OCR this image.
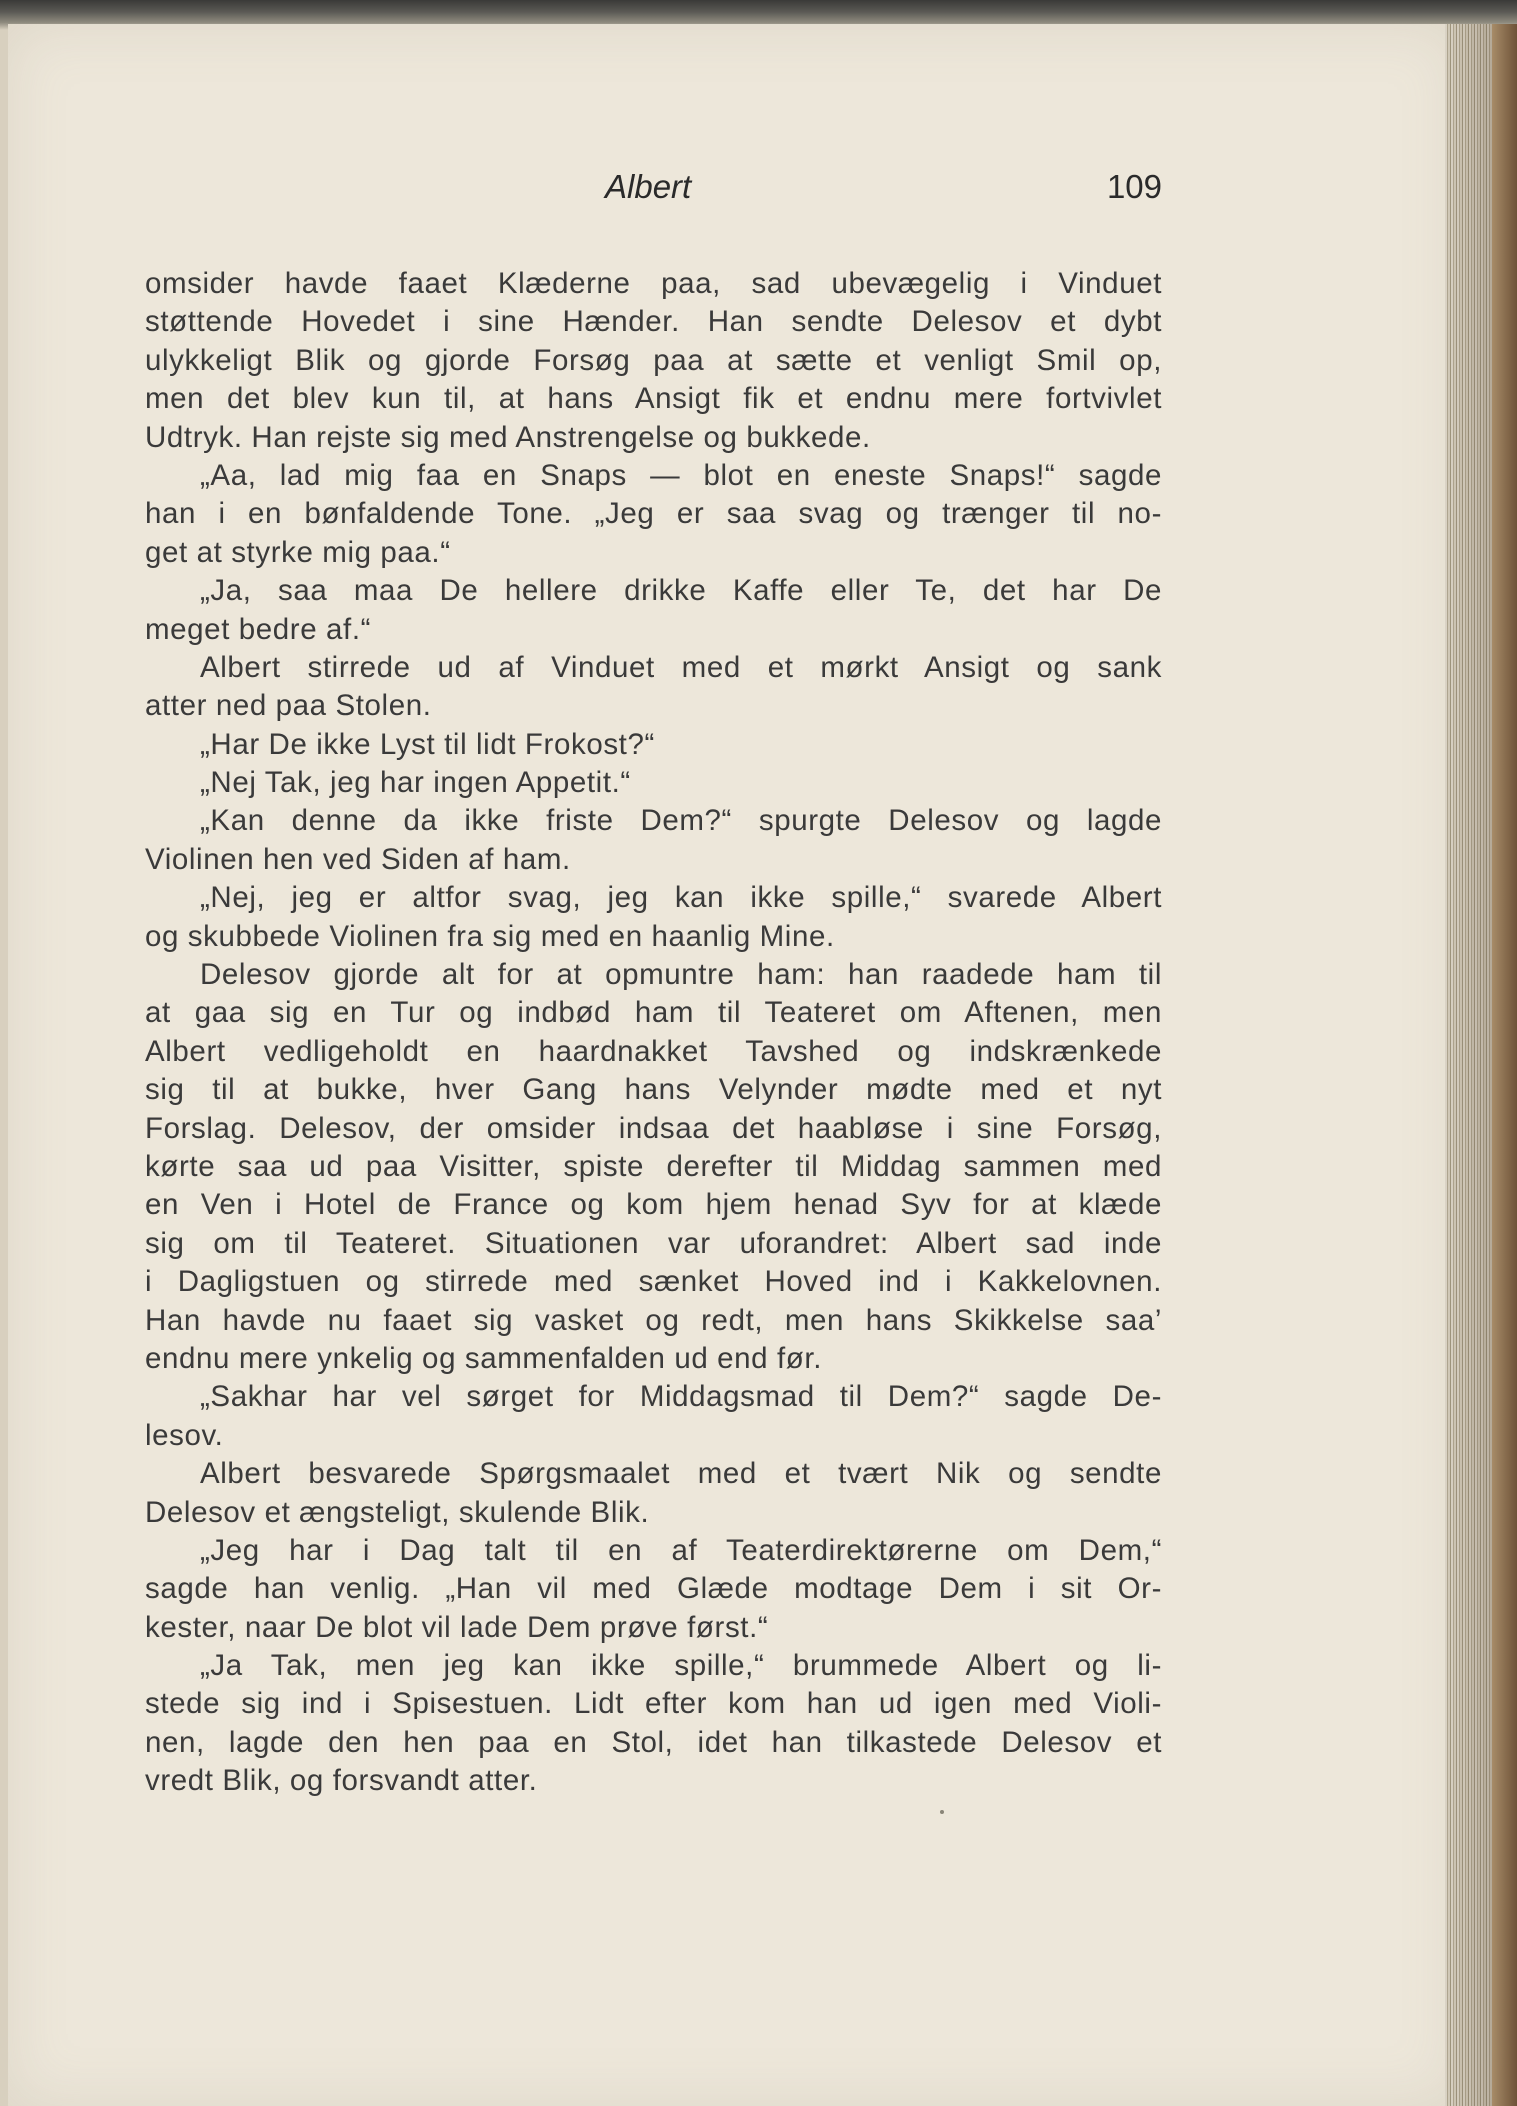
Albert	109
omsider havde faaet Klæderne paa, sad ubevægelig i Vinduet
støttende Hovedet i sine Hænder. Han sendte Delesov et dybt
ulykkeligt Blik og gjorde Forsøg paa at sætte et venligt Smil op,
men det blev kun til, at hans Ansigt fik et endnu mere fortvivlet
Udtryk. Han rejste sig med Anstrengelse og bukkede.
„Aa, lad mig faa en Snaps — blot en eneste Snaps!“ sagde
han i en bønfaldende Tone. „Jeg er saa svag og trænger til no-
get at styrke mig paa.“
„Ja, saa maa De hellere drikke Kaffe eller Te, det har De
meget bedre af.“
Albert stirrede ud af Vinduet med et mørkt Ansigt og sank
atter ned paa Stolen.
„Har De ikke Lyst til lidt Frokost?“
„Nej Tak, jeg har ingen Appetit.“
„Kan denne da ikke friste Dem?“ spurgte Delesov og lagde
Violinen hen ved Siden af ham.
„Nej, jeg er altfor svag, jeg kan ikke spille,“ svarede Albert
og skubbede Violinen fra sig med en haanlig Mine.
Delesov gjorde alt for at opmuntre ham: han raadede ham til
at gaa sig en Tur og indbød ham til Teateret om Aftenen, men
Albert vedligeholdt en haardnakket Tavshed og indskrænkede
sig til at bukke, hver Gang hans Velynder mødte med et nyt
Forslag. Delesov, der omsider indsaa det haabløse i sine Forsøg,
kørte saa ud paa Visitter, spiste derefter til Middag sammen med
en Ven i Hotel de France og kom hjem henad Syv for at klæde
sig om til Teateret. Situationen var uforandret: Albert sad inde
i Dagligstuen og stirrede med sænket Hoved ind i Kakkelovnen.
Han havde nu faaet sig vasket og redt, men hans Skikkelse saa’
endnu mere ynkelig og sammenfalden ud end før.
„Sakhar har vel sørget for Middagsmad til Dem?“ sagde De-
lesov.
Albert besvarede Spørgsmaalet med et tvært Nik og sendte
Delesov et ængsteligt, skulende Blik.
„Jeg har i Dag talt til en af Teaterdirektørerne om Dem,“
sagde han venlig. „Han vil med Glæde modtage Dem i sit Or-
kester, naar De blot vil lade Dem prøve først.“
„Ja Tak, men jeg kan ikke spille,“ brummede Albert og li-
stede sig ind i Spisestuen. Lidt efter kom han ud igen med Violi-
nen, lagde den hen paa en Stol, idet han tilkastede Delesov et
vredt Blik, og forsvandt atter.
